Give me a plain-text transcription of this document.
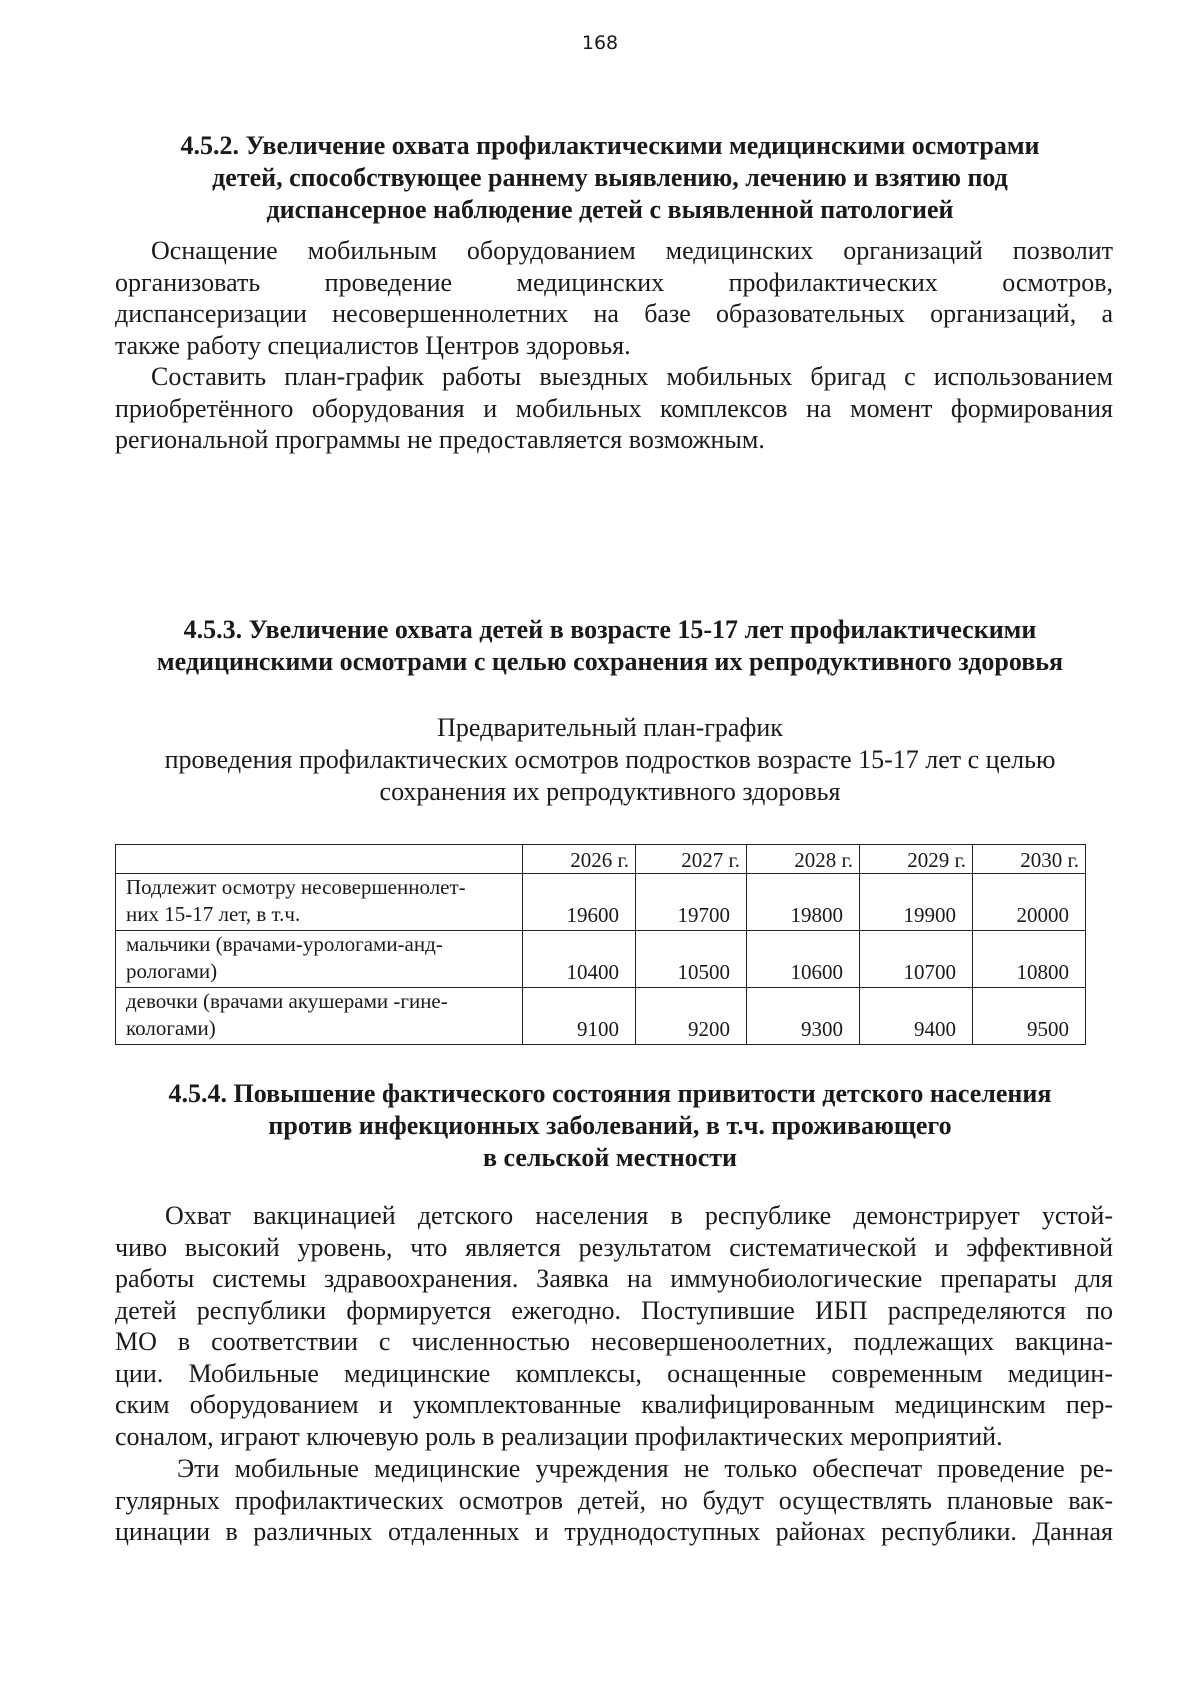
168
4.5.2. Увеличение охвата профилактическими медицинскими осмотрами
детей, способствующее раннему выявлению, лечению и взятию под
диспансерное наблюдение детей с выявленной патологией

Оснащение мобильным оборудованием медицинских организаций позволит
организовать проведение медицинских профилактических осмотров,
диспансеризации несовершеннолетних на базе образовательных организаций, а
также работу специалистов Центров здоровья.

Составить план-график работы выездных мобильных бригад с использованием
приобретённого оборудования и мобильных комплексов на момент формирования
региональной программы не предоставляется возможным.

4.5.3. Увеличение охвата детей в возрасте 15-17 лет профилактическими
медицинскими осмотрами с целью сохранения их репродуктивного здоровья
Предварительный план-график
проведения профилактических осмотров подростков возрасте 15-17 лет с целью
сохранения их репродуктивного здоровья
	2026 г.	2027 г.	2028 г.	2029 г.	2030 г.

Подлежит осмотру несовершеннолет-
них 15-17 лет, в т.ч.	19600	19700	19800	19900	20000

мальчики (врачами-урологами-анд-
рологами)	10400	10500	10600	10700	10800

девочки (врачами акушерами -гине-
кологами)	9100	9200	9300	9400	9500
4.5.4. Повышение фактического состояния привитости детского населения
против инфекционных заболеваний, в т.ч. проживающего
в сельской местности

Охват вакцинацией детского населения в республике демонстрирует устой-
чиво высокий уровень, что является результатом систематической и эффективной
работы системы здравоохранения. Заявка на иммунобиологические препараты для
детей республики формируется ежегодно. Поступившие ИБП распределяются по
МО в соответствии с численностью несовершеноолетних, подлежащих вакцина-
ции. Мобильные медицинские комплексы, оснащенные современным медицин-
ским оборудованием и укомплектованные квалифицированным медицинским пер-
соналом, играют ключевую роль в реализации профилактических мероприятий.

Эти мобильные медицинские учреждения не только обеспечат проведение ре-
гулярных профилактических осмотров детей, но будут осуществлять плановые вак-
цинации в различных отдаленных и труднодоступных районах республики. Данная
